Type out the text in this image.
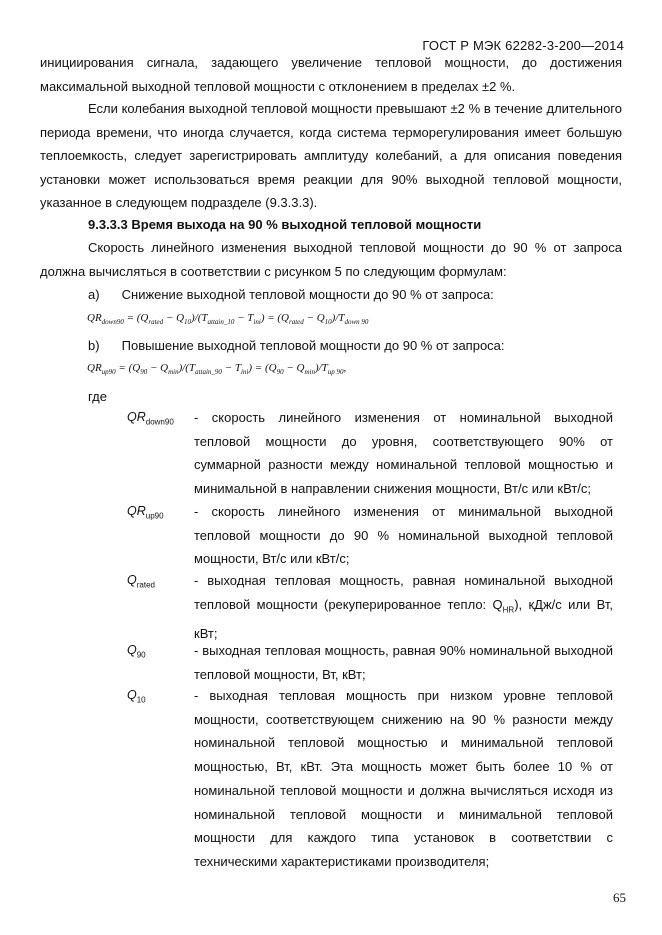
ГОСТ Р МЭК 62282-3-200—2014
инициирования сигнала, задающего увеличение тепловой мощности, до достижения максимальной выходной тепловой мощности с отклонением в пределах ±2 %.
Если колебания выходной тепловой мощности превышают ±2 % в течение длительного периода времени, что иногда случается, когда система терморегулирования имеет большую теплоемкость, следует зарегистрировать амплитуду колебаний, а для описания поведения установки может использоваться время реакции для 90% выходной тепловой мощности, указанное в следующем подразделе (9.3.3.3).
9.3.3.3 Время выхода на 90 % выходной тепловой мощности
Скорость линейного изменения выходной тепловой мощности до 90 % от запроса должна вычисляться в соответствии с рисунком 5 по следующим формулам:
a) Снижение выходной тепловой мощности до 90 % от запроса:
$QR_{down90} = (Q_{rated} - Q_{10})/(T_{attain\_10} - T_{ini}) = (Q_{rated} - Q_{10})/T_{down 90}$
b) Повышение выходной тепловой мощности до 90 % от запроса:
$QR_{up90} = (Q_{90} - Q_{min})/(T_{attain\_90} - T_{ini}) = (Q_{90} - Q_{min})/T_{up 90}$,
где
$QR_{down90}$ - скорость линейного изменения от номинальной выходной тепловой мощности до уровня, соответствующего 90% от суммарной разности между номинальной тепловой мощностью и минимальной в направлении снижения мощности, Вт/с или кВт/с;
$QR_{up90}$ - скорость линейного изменения от минимальной выходной тепловой мощности до 90 % номинальной выходной тепловой мощности, Вт/с или кВт/с;
$Q_{rated}$	- выходная тепловая мощность, равная номинальной выходной тепловой мощности (рекуперированное тепло: $Q_{HR}$), кДж/с или Вт, кВт;
$Q_{90}$	- выходная тепловая мощность, равная 90% номинальной выходной тепловой мощности, Вт, кВт;
$Q_{10}$	- выходная тепловая мощность при низком уровне тепловой мощности, соответствующем снижению на 90 % разности между номинальной тепловой мощностью и минимальной тепловой мощностью, Вт, кВт. Эта мощность может быть более 10 % от номинальной тепловой мощности и должна вычисляться исходя из номинальной тепловой мощности и минимальной тепловой мощности для каждого типа установок в соответствии с техническими характеристиками производителя;
65
